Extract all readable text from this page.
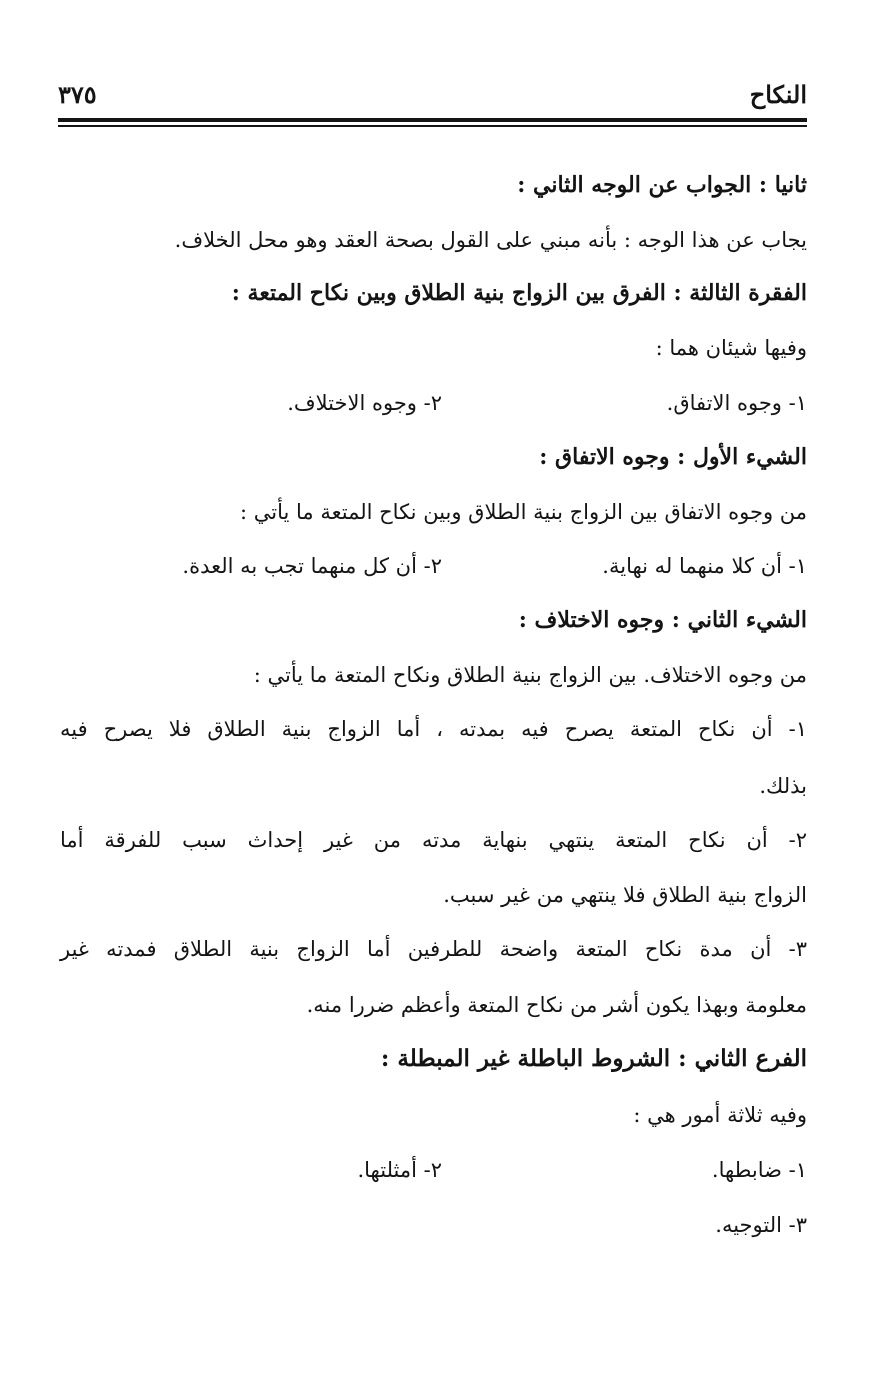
النكاح
٣٧٥
ثانيا : الجواب عن الوجه الثاني :
يجاب عن هذا الوجه : بأنه مبني على القول بصحة العقد وهو محل الخلاف.
الفقرة الثالثة : الفرق بين الزواج بنية الطلاق وبين نكاح المتعة :
وفيها شيئان هما :
١- وجوه الاتفاق.
٢- وجوه الاختلاف.
الشيء الأول : وجوه الاتفاق :
من وجوه الاتفاق بين الزواج بنية الطلاق وبين نكاح المتعة ما يأتي :
١- أن كلا منهما له نهاية.
٢- أن كل منهما تجب به العدة.
الشيء الثاني : وجوه الاختلاف :
من وجوه الاختلاف. بين الزواج بنية الطلاق ونكاح المتعة ما يأتي :
١- أن نكاح المتعة يصرح فيه بمدته ، أما الزواج بنية الطلاق فلا يصرح فيه
بذلك.
٢- أن نكاح المتعة ينتهي بنهاية مدته من غير إحداث سبب للفرقة أما
الزواج بنية الطلاق فلا ينتهي من غير سبب.
٣- أن مدة نكاح المتعة واضحة للطرفين أما الزواج بنية الطلاق فمدته غير
معلومة وبهذا يكون أشر من نكاح المتعة وأعظم ضررا منه.
الفرع الثاني : الشروط الباطلة غير المبطلة :
وفيه ثلاثة أمور هي :
١- ضابطها.
٢- أمثلتها.
٣- التوجيه.
